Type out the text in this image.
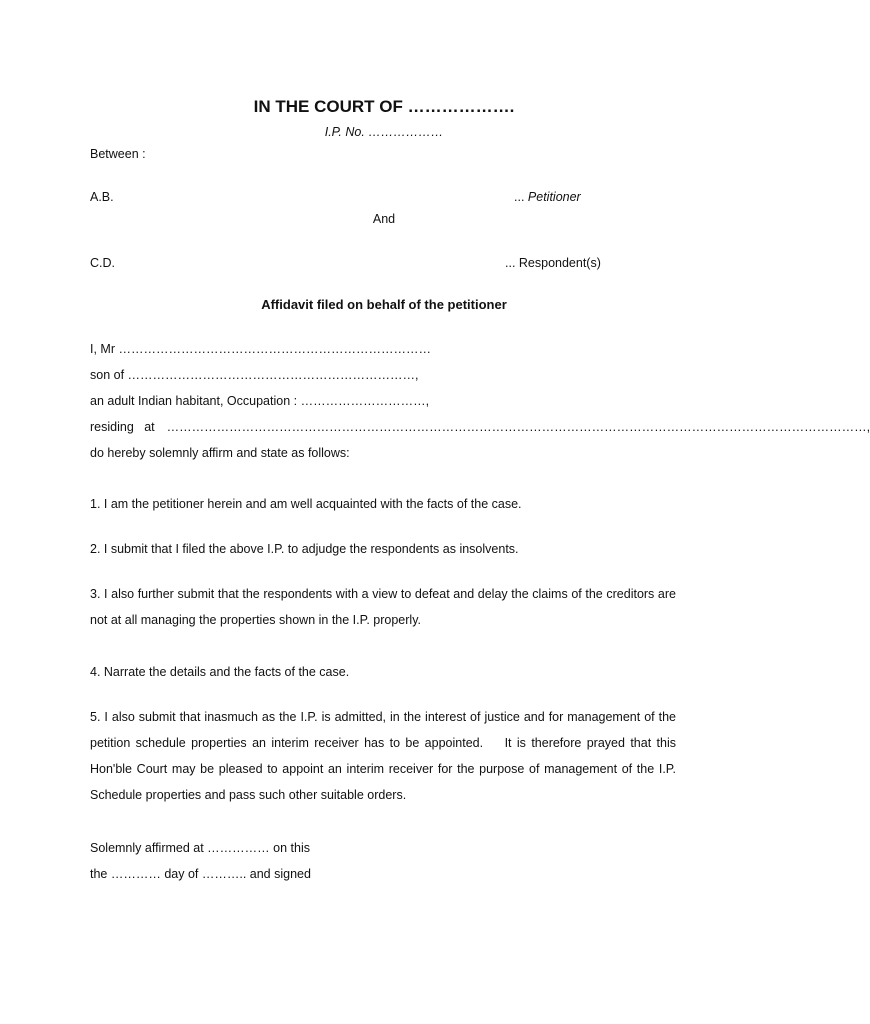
IN THE COURT OF ……………….
I.P. No. ………………
Between :
A.B.	... Petitioner
And
C.D.	... Respondent(s)
Affidavit filed on behalf of the petitioner
I, Mr …………………………………………………………………
son of ……………………………………………………………,
an adult Indian habitant, Occupation : …………………………,
residing   at ……………………………………………………………………………………………………………………………………………………,
do hereby solemnly affirm and state as follows:
1. I am the petitioner herein and am well acquainted with the facts of the case.
2. I submit that I filed the above I.P. to adjudge the respondents as insolvents.
3. I also further submit that the respondents with a view to defeat and delay the claims of the creditors are not at all managing the properties shown in the I.P. properly.
4. Narrate the details and the facts of the case.
5. I also submit that inasmuch as the I.P. is admitted, in the interest of justice and for management of the petition schedule properties an interim receiver has to be appointed.    It is therefore prayed that this Hon'ble Court may be pleased to appoint an interim receiver for the purpose of management of the I.P. Schedule properties and pass such other suitable orders.
Solemnly affirmed at …………… on this
the ………… day of ……….. and signed
